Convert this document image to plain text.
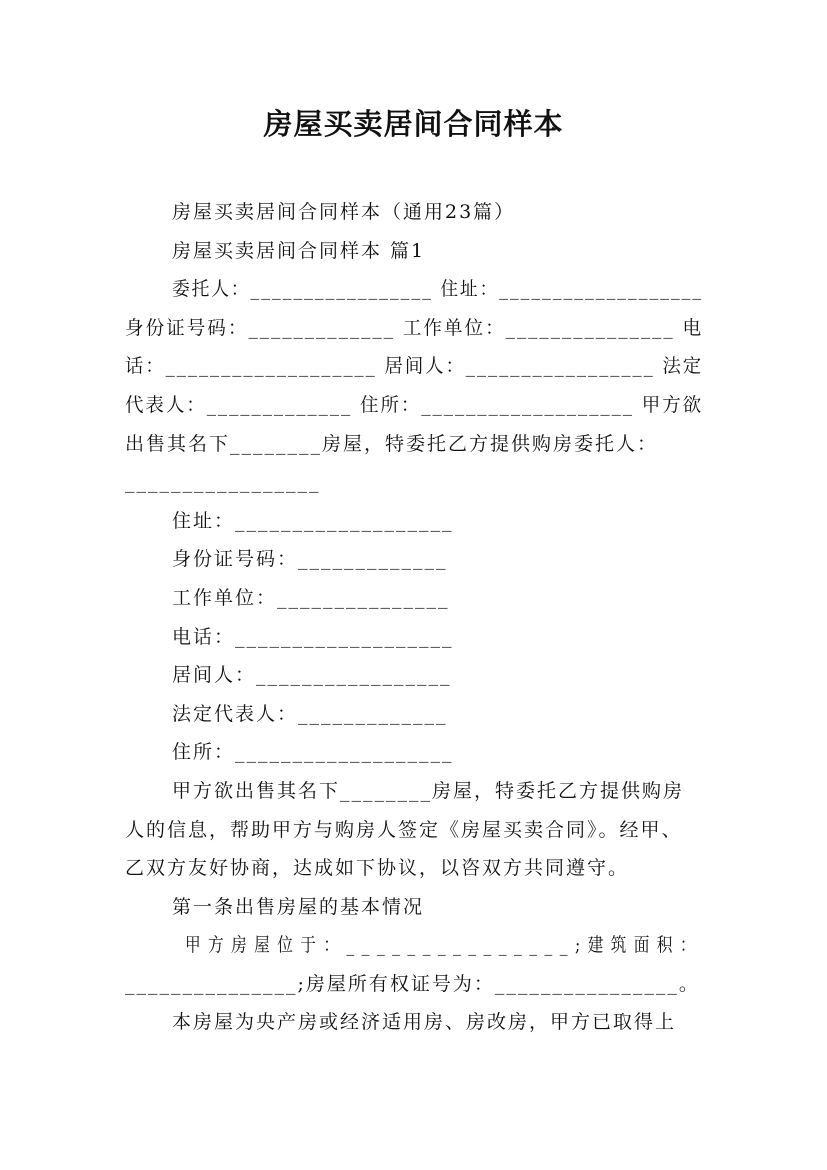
房屋买卖居间合同样本
房屋买卖居间合同样本（通用23篇）
房屋买卖居间合同样本 篇1
委托人：_________________ 住址：___________________
身份证号码：_____________ 工作单位：_______________ 电
话：___________________ 居间人：_________________ 法定
代表人：_____________ 住所：___________________ 甲方欲
出售其名下________房屋，特委托乙方提供购房委托人：
_________________
住址：___________________
身份证号码：_____________
工作单位：_______________
电话：___________________
居间人：_________________
法定代表人：_____________
住所：___________________
甲方欲出售其名下________房屋，特委托乙方提供购房
人的信息，帮助甲方与购房人签定《房屋买卖合同》。经甲、
乙双方友好协商，达成如下协议，以咨双方共同遵守。
第一条出售房屋的基本情况
甲方房屋位于：_______________;建筑面积：
_______________;房屋所有权证号为：________________。
本房屋为央产房或经济适用房、房改房，甲方已取得上
